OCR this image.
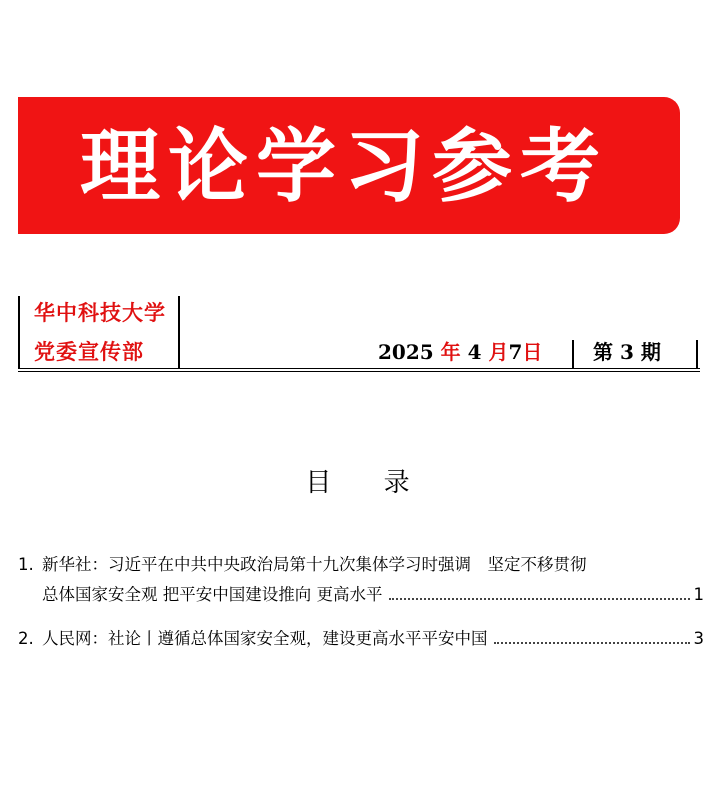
理论学习参考
华中科技大学
党委宣传部	2025 年 4 月7日	第 3 期
目 录
1. 新华社：习近平在中共中央政治局第十九次集体学习时强调　坚定不移贯彻
总体国家安全观 把平安中国建设推向 更高水平	1
2. 人民网：社论丨遵循总体国家安全观，建设更高水平平安中国	3
